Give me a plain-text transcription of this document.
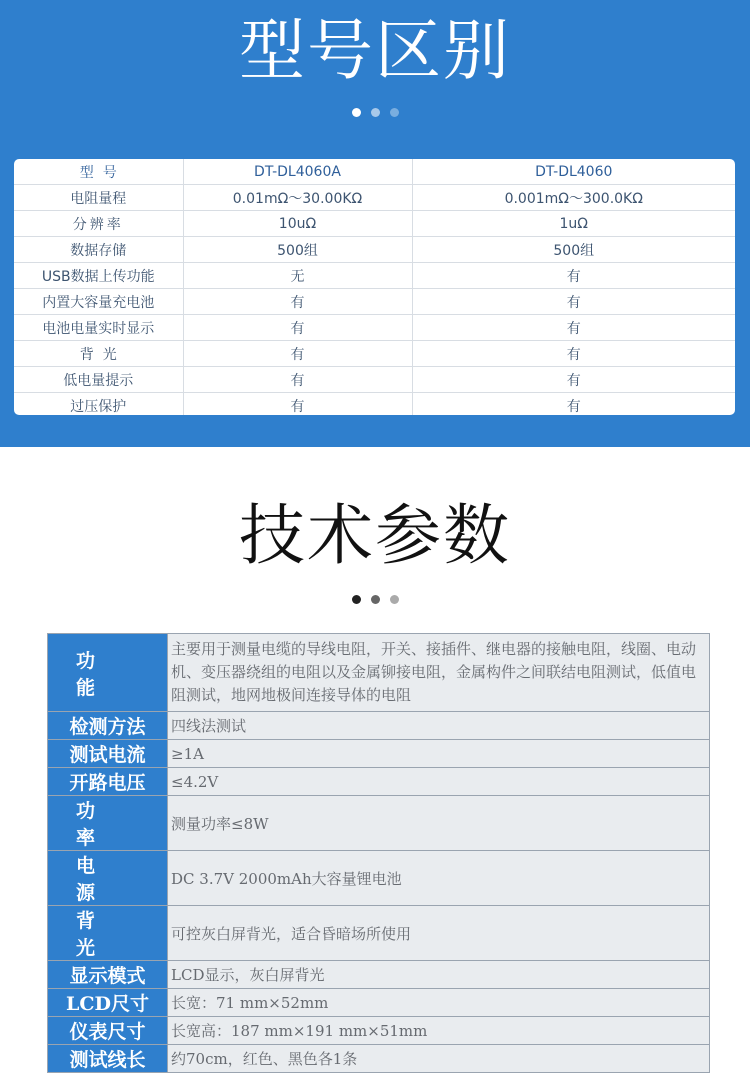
型号区别
型  号	DT-DL4060A	DT-DL4060
电阻量程	0.01mΩ～30.00KΩ	0.001mΩ～300.0KΩ
分辨率	10uΩ	1uΩ
数据存储	500组	500组
USB数据上传功能	无	有
内置大容量充电池	有	有
电池电量实时显示	有	有
背  光	有	有
低电量提示	有	有
过压保护	有	有
技术参数
功能	主要用于测量电缆的导线电阻，开关、接插件、继电器的接触电阻，线圈、电动机、变压器绕组的电阻以及金属铆接电阻，金属构件之间联结电阻测试，低值电阻测试，地网地极间连接导体的电阻
检测方法	四线法测试
测试电流	≥1A
开路电压	≤4.2V
功率	测量功率≤8W
电源	DC 3.7V 2000mAh大容量锂电池
背光	可控灰白屏背光，适合昏暗场所使用
显示模式	LCD显示，灰白屏背光
LCD尺寸	长宽：71 mm×52mm
仪表尺寸	长宽高：187 mm×191 mm×51mm
测试线长	约70cm，红色、黑色各1条
